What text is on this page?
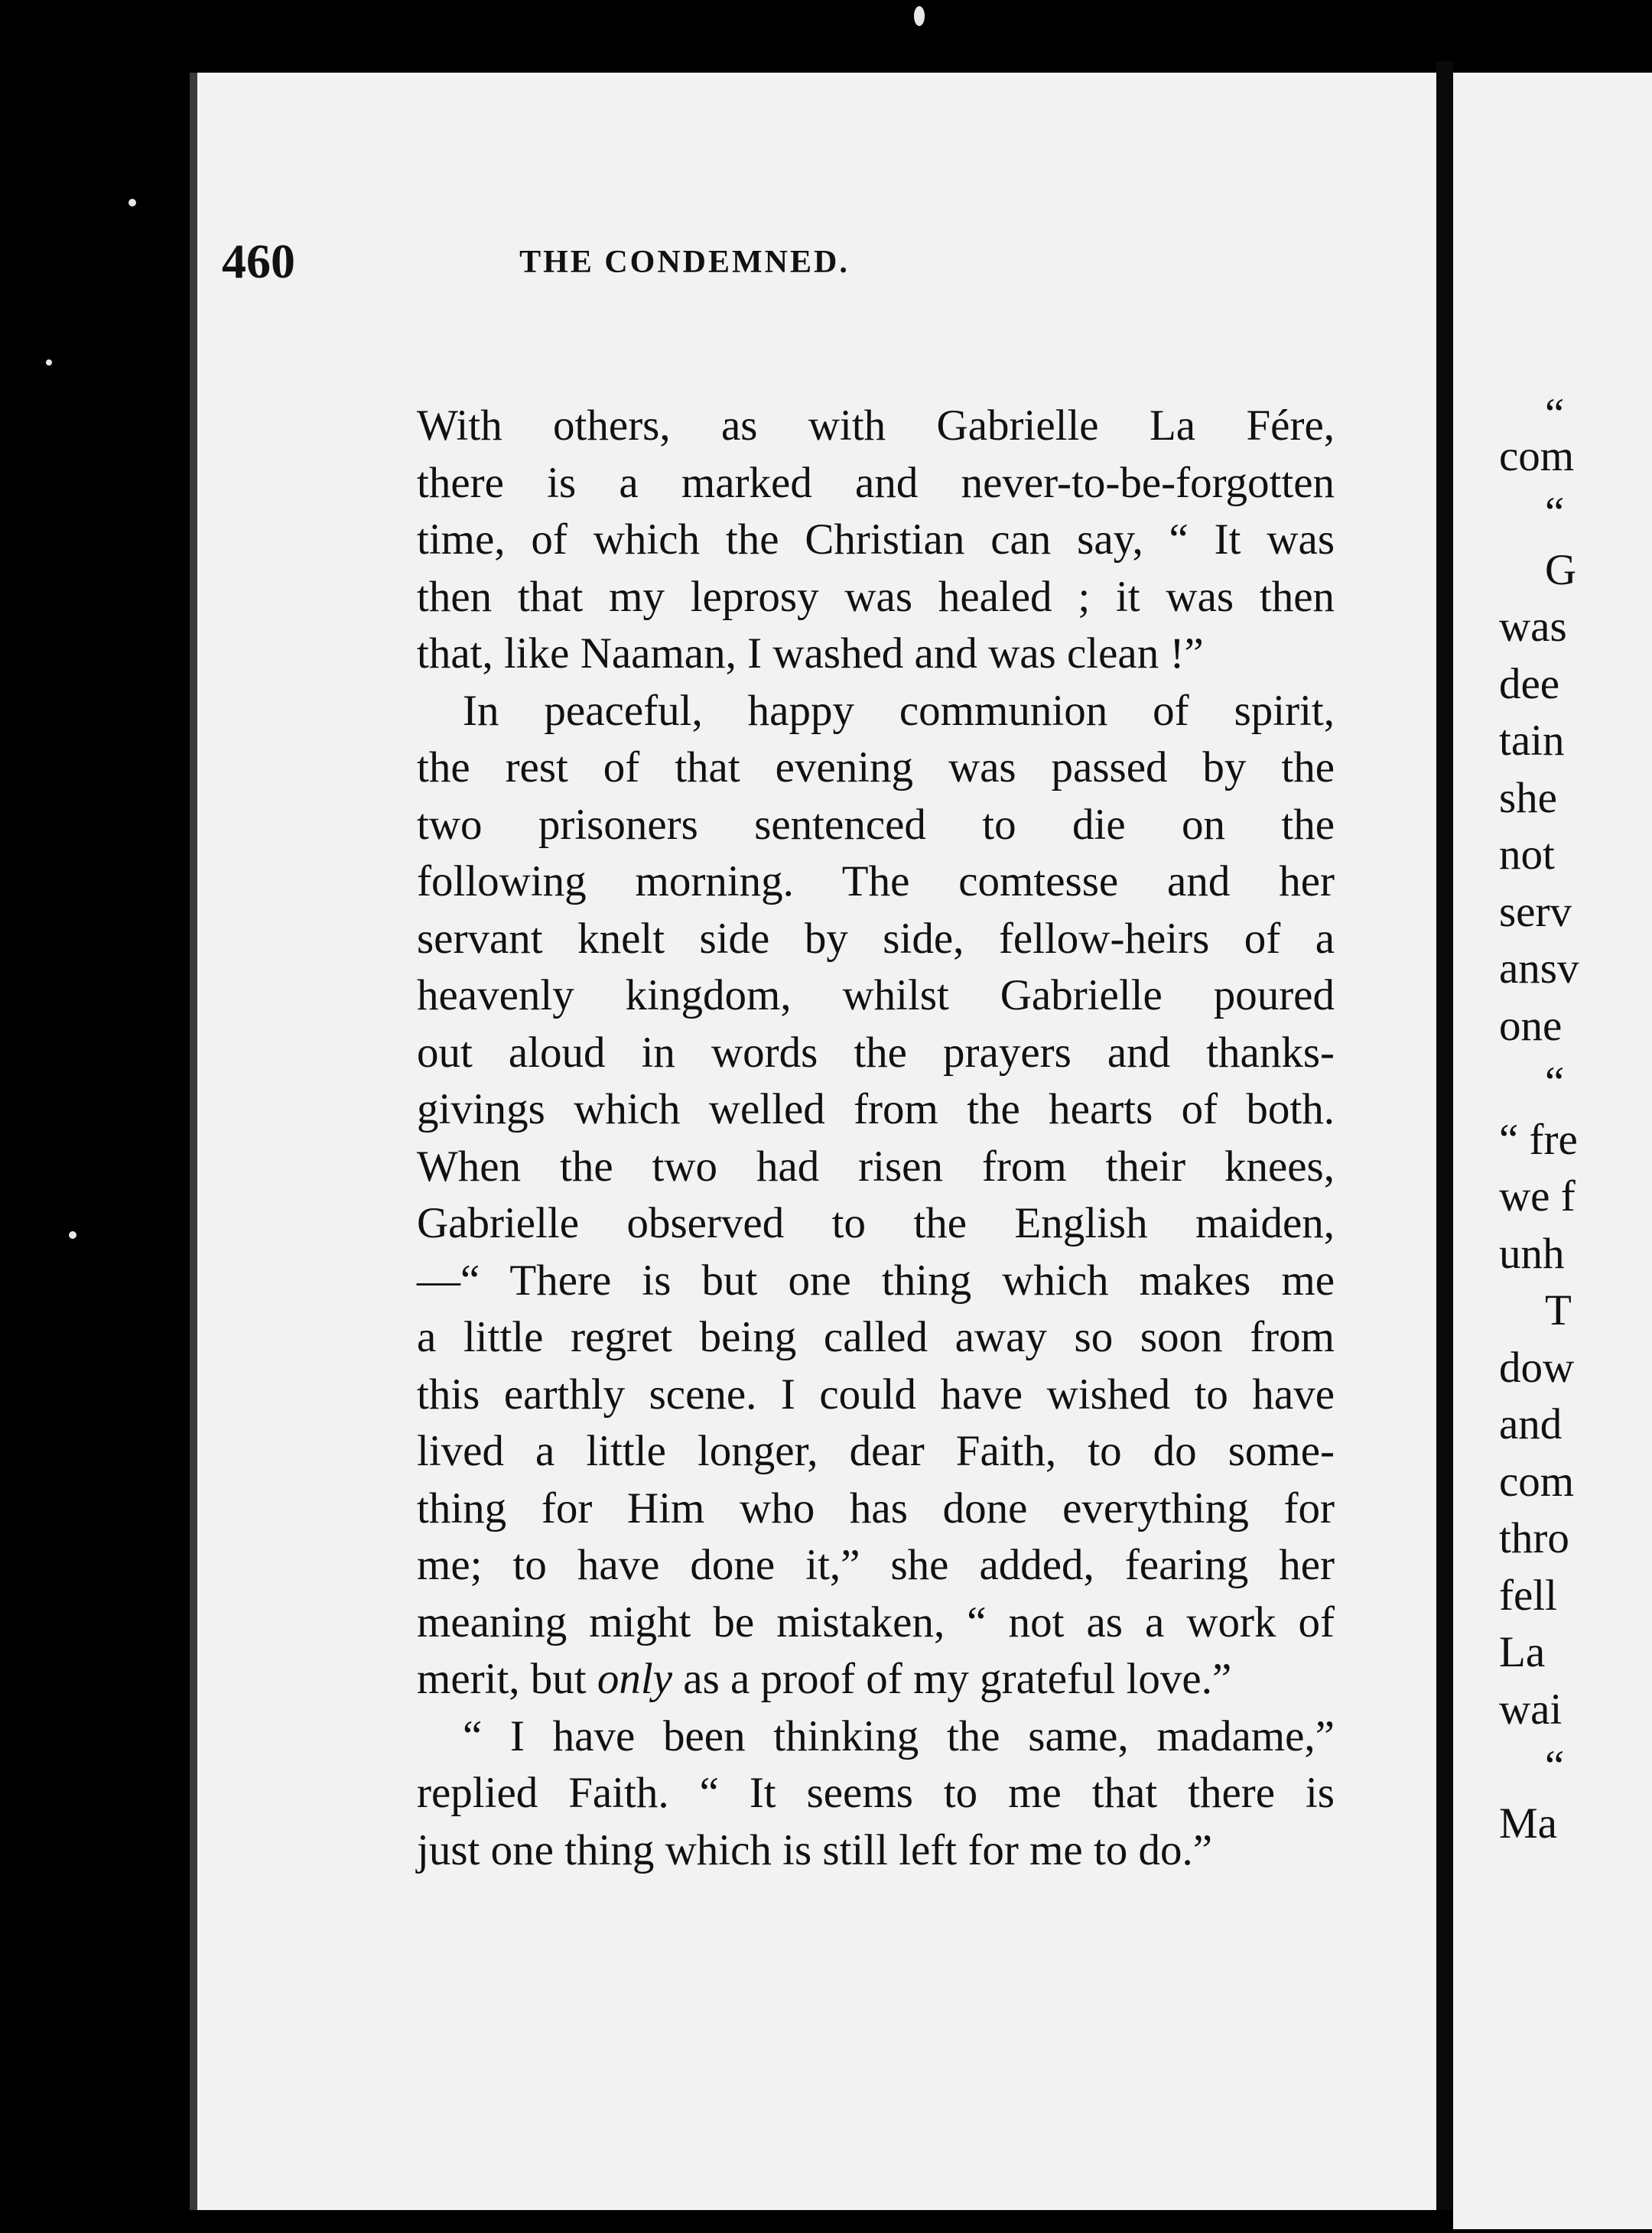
460	THE CONDEMNED.
With others, as with Gabrielle La Fére,
there is a marked and never-to-be-forgotten
time, of which the Christian can say, “ It was
then that my leprosy was healed ; it was then
that, like Naaman, I washed and was clean !”
In peaceful, happy communion of spirit,
the rest of that evening was passed by the
two prisoners sentenced to die on the
following morning. The comtesse and her
servant knelt side by side, fellow-heirs of a
heavenly kingdom, whilst Gabrielle poured
out aloud in words the prayers and thanks-
givings which welled from the hearts of both.
When the two had risen from their knees,
Gabrielle observed to the English maiden,
—“ There is but one thing which makes me
a little regret being called away so soon from
this earthly scene. I could have wished to have
lived a little longer, dear Faith, to do some-
thing for Him who has done everything for
me; to have done it,” she added, fearing her
meaning might be mistaken, “ not as a work of
merit, but only as a proof of my grateful love.”
“ I have been thinking the same, madame,”
replied Faith. “ It seems to me that there is
just one thing which is still left for me to do.”
“
com
“
G
was
dee
tain
she
not
serv
ansv
one
“
“ fre
we f
unh
T
dow
and
com
thro
fell
La
wai
“
Ma
